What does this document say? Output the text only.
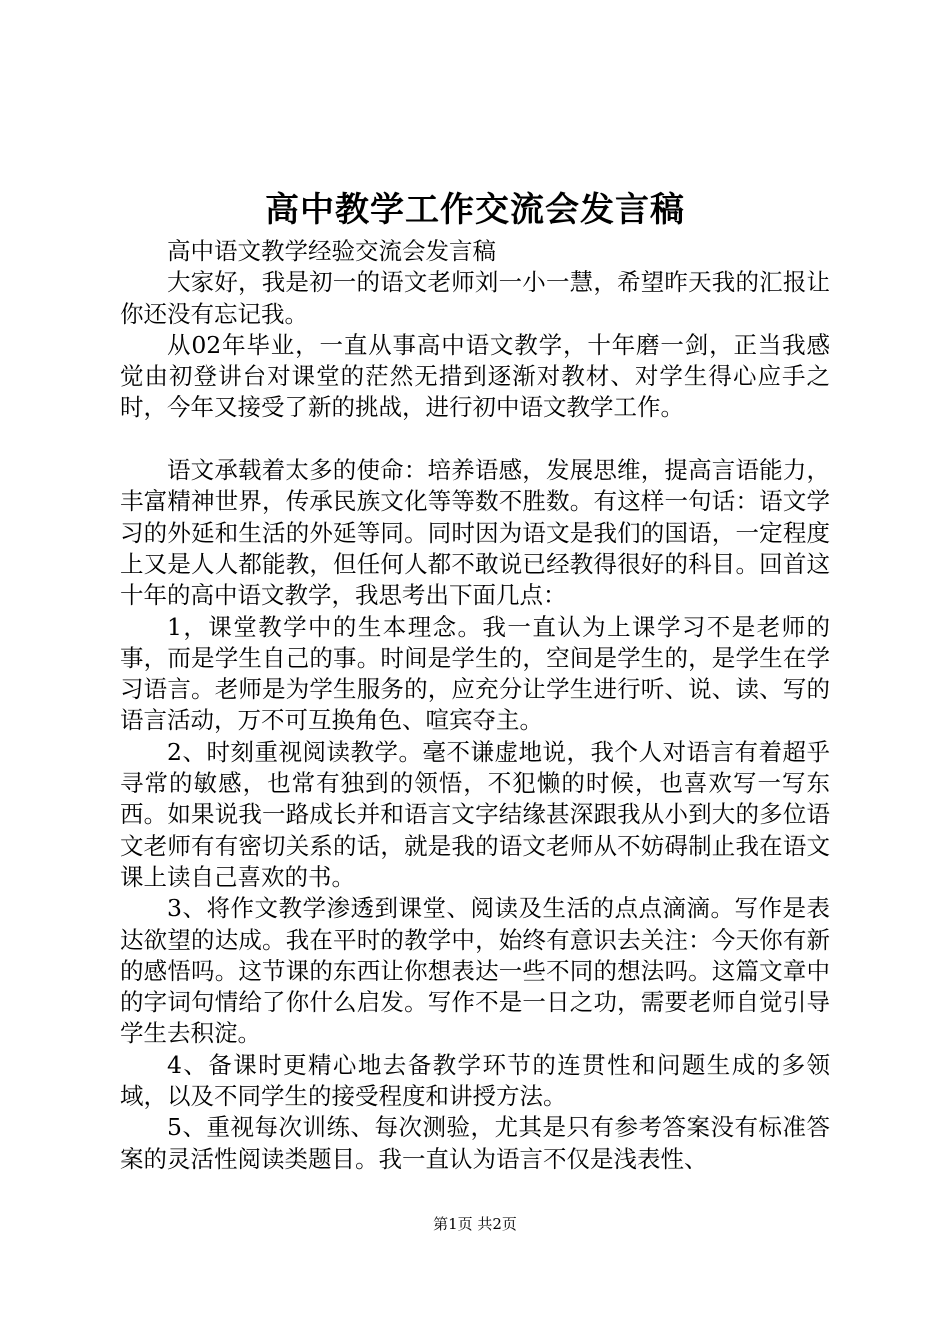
高中教学工作交流会发言稿

高中语文教学经验交流会发言稿

大家好，我是初一的语文老师刘一小一慧，希望昨天我的汇报让你还没有忘记我。

从02年毕业，一直从事高中语文教学，十年磨一剑，正当我感觉由初登讲台对课堂的茫然无措到逐渐对教材、对学生得心应手之时，今年又接受了新的挑战，进行初中语文教学工作。

语文承载着太多的使命：培养语感，发展思维，提高言语能力，丰富精神世界，传承民族文化等等数不胜数。有这样一句话：语文学习的外延和生活的外延等同。同时因为语文是我们的国语，一定程度上又是人人都能教，但任何人都不敢说已经教得很好的科目。回首这十年的高中语文教学，我思考出下面几点：

1，课堂教学中的生本理念。我一直认为上课学习不是老师的事，而是学生自己的事。时间是学生的，空间是学生的，是学生在学习语言。老师是为学生服务的，应充分让学生进行听、说、读、写的语言活动，万不可互换角色、喧宾夺主。

2、时刻重视阅读教学。毫不谦虚地说，我个人对语言有着超乎寻常的敏感，也常有独到的领悟，不犯懒的时候，也喜欢写一写东西。如果说我一路成长并和语言文字结缘甚深跟我从小到大的多位语文老师有有密切关系的话，就是我的语文老师从不妨碍制止我在语文课上读自己喜欢的书。

3、将作文教学渗透到课堂、阅读及生活的点点滴滴。写作是表达欲望的达成。我在平时的教学中，始终有意识去关注：今天你有新的感悟吗。这节课的东西让你想表达一些不同的想法吗。这篇文章中的字词句情给了你什么启发。写作不是一日之功，需要老师自觉引导学生去积淀。

4、备课时更精心地去备教学环节的连贯性和问题生成的多领域，以及不同学生的接受程度和讲授方法。

5、重视每次训练、每次测验，尤其是只有参考答案没有标准答案的灵活性阅读类题目。我一直认为语言不仅是浅表性、

第1页 共2页
